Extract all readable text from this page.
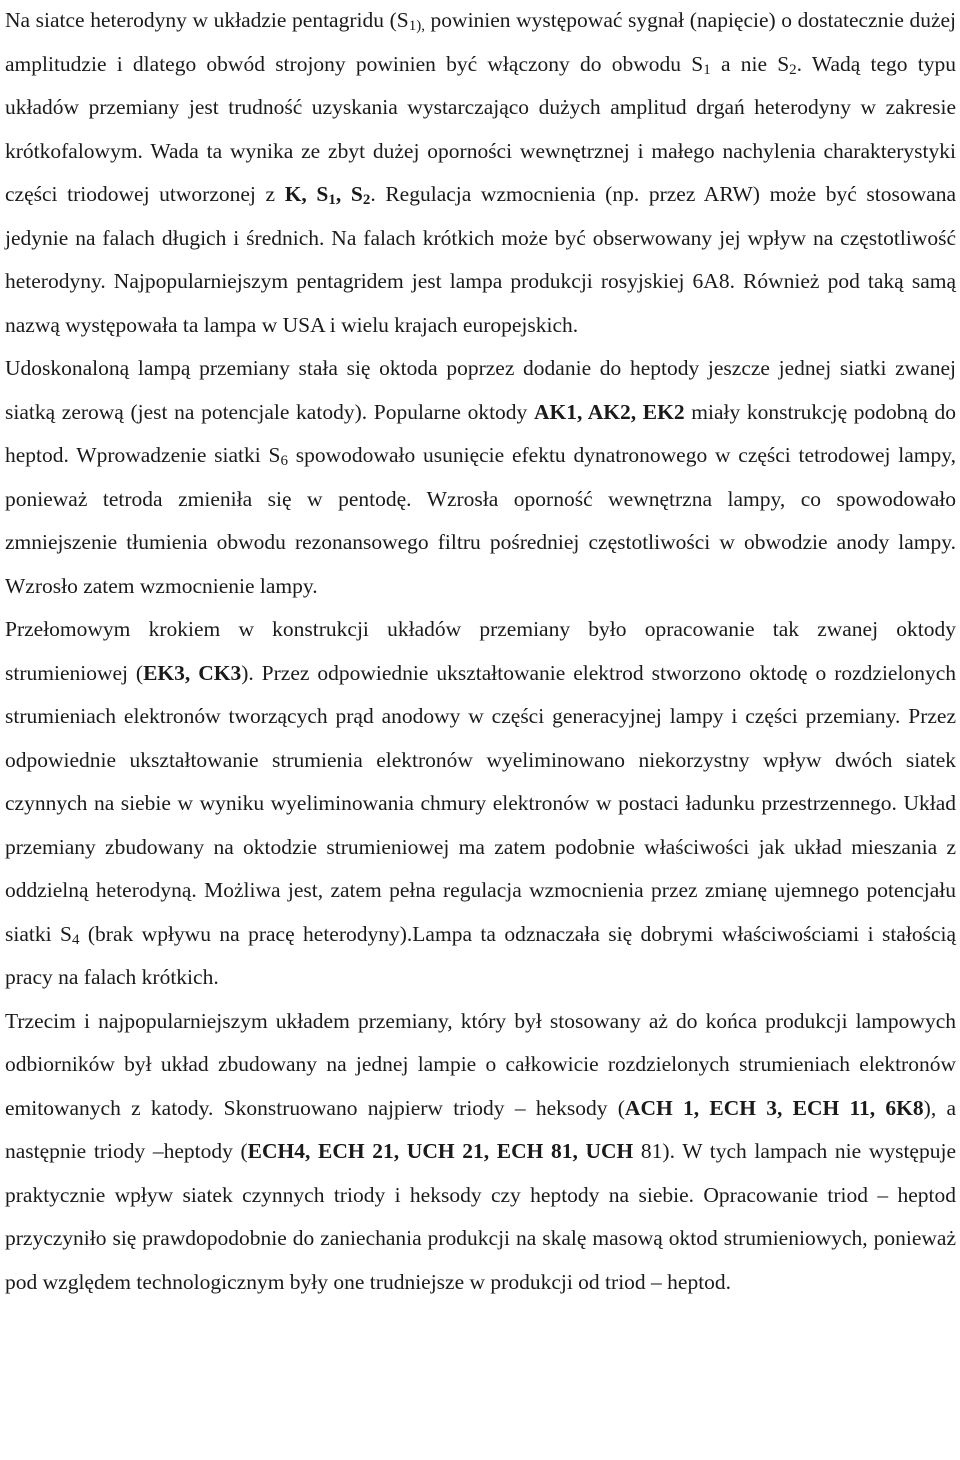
Na siatce heterodyny w układzie pentagridu ($S_{1),}$ powinien występować sygnał (napięcie) o dostatecznie dużej amplitudzie i dlatego obwód strojony powinien być włączony do obwodu $S_1$ a nie $S_2$. Wadą tego typu układów przemiany jest trudność uzyskania wystarczająco dużych amplitud drgań heterodyny w zakresie krótkofalowym. Wada ta wynika ze zbyt dużej oporności wewnętrznej i małego nachylenia charakterystyki części triodowej utworzonej z K, $S_1$, $S_2$. Regulacja wzmocnienia (np. przez ARW) może być stosowana jedynie na falach długich i średnich. Na falach krótkich może być obserwowany jej wpływ na częstotliwość heterodyny. Najpopularniejszym pentagridem jest lampa produkcji rosyjskiej 6A8. Również pod taką samą nazwą występowała ta lampa w USA i wielu krajach europejskich.

Udoskonaloną lampą przemiany stała się oktoda poprzez dodanie do heptody jeszcze jednej siatki zwanej siatką zerową (jest na potencjale katody). Popularne oktody AK1, AK2, EK2 miały konstrukcję podobną do heptod. Wprowadzenie siatki $S_6$ spowodowało usunięcie efektu dynatronowego w części tetrodowej lampy, ponieważ tetroda zmieniła się w pentodę. Wzrosła oporność wewnętrzna lampy, co spowodowało zmniejszenie tłumienia obwodu rezonansowego filtru pośredniej częstotliwości w obwodzie anody lampy. Wzrosło zatem wzmocnienie lampy.

Przełomowym krokiem w konstrukcji układów przemiany było opracowanie tak zwanej oktody strumieniowej (EK3, CK3). Przez odpowiednie ukształtowanie elektrod stworzono oktodę o rozdzielonych strumieniach elektronów tworzących prąd anodowy w części generacyjnej lampy i części przemiany. Przez odpowiednie ukształtowanie strumienia elektronów wyeliminowano niekorzystny wpływ dwóch siatek czynnych na siebie w wyniku wyeliminowania chmury elektronów w postaci ładunku przestrzennego. Układ przemiany zbudowany na oktodzie strumieniowej ma zatem podobnie właściwości jak układ mieszania z oddzielną heterodyną. Możliwa jest, zatem pełna regulacja wzmocnienia przez zmianę ujemnego potencjału siatki $S_4$ (brak wpływu na pracę heterodyny).Lampa ta odznaczała się dobrymi właściwościami i stałością pracy na falach krótkich.

Trzecim i najpopularniejszym układem przemiany, który był stosowany aż do końca produkcji lampowych odbiorników był układ zbudowany na jednej lampie o całkowicie rozdzielonych strumieniach elektronów emitowanych z katody. Skonstruowano najpierw triody – heksody (ACH 1, ECH 3, ECH 11, 6K8), a następnie triody –heptody (ECH4, ECH 21, UCH 21, ECH 81, UCH 81). W tych lampach nie występuje praktycznie wpływ siatek czynnych triody i heksody czy heptody na siebie. Opracowanie triod – heptod przyczyniło się prawdopodobnie do zaniechania produkcji na skalę masową oktod strumieniowych, ponieważ pod względem technologicznym były one trudniejsze w produkcji od triod – heptod.
